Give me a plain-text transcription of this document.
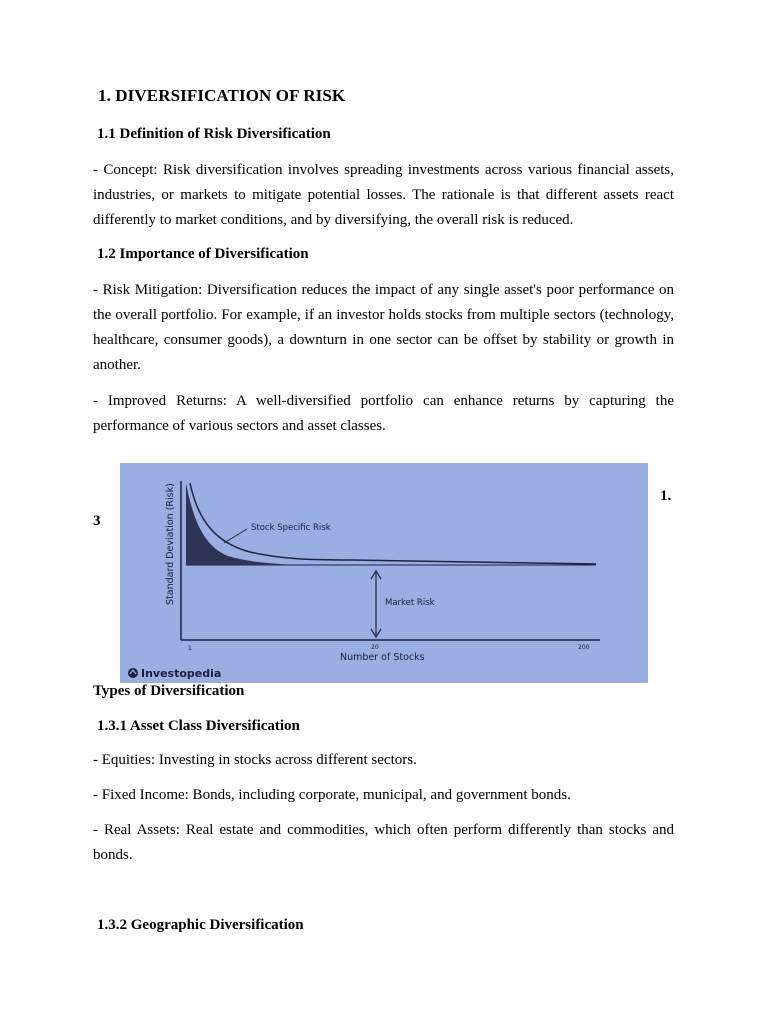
1. DIVERSIFICATION OF RISK
1.1 Definition of Risk Diversification
- Concept: Risk diversification involves spreading investments across various financial assets, industries, or markets to mitigate potential losses. The rationale is that different assets react differently to market conditions, and by diversifying, the overall risk is reduced.
1.2 Importance of Diversification
- Risk Mitigation: Diversification reduces the impact of any single asset's poor performance on the overall portfolio. For example, if an investor holds stocks from multiple sectors (technology, healthcare, consumer goods), a downturn in one sector can be offset by stability or growth in another.
- Improved Returns: A well-diversified portfolio can enhance returns by capturing the performance of various sectors and asset classes.
1.
3	Stock Specific Risk
Market Risk
1	20	200
Number of Stocks
Standard Deviation (Risk)
Investopedia
Types of Diversification
1.3.1 Asset Class Diversification
- Equities: Investing in stocks across different sectors.
- Fixed Income: Bonds, including corporate, municipal, and government bonds.
- Real Assets: Real estate and commodities, which often perform differently than stocks and bonds.
1.3.2 Geographic Diversification
